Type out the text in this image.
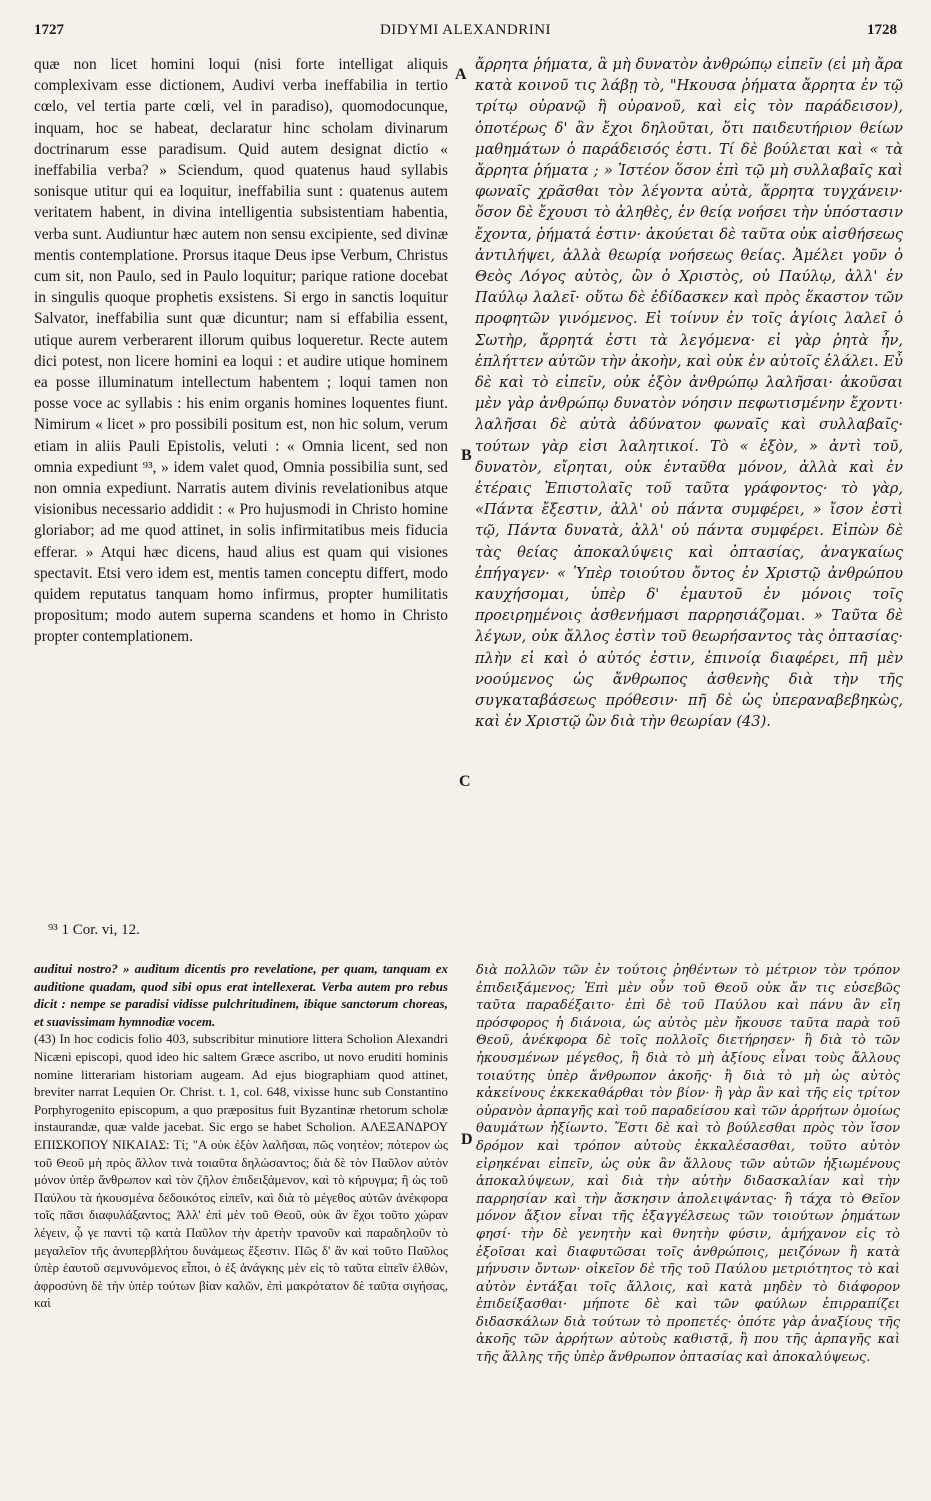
1727	DIDYMI ALEXANDRINI	1728

quæ non licet homini loqui (nisi forte intelligat aliquis complexivam esse dictionem, Audivi verba ineffabilia in tertio cœlo, vel tertia parte cœli, vel in paradiso), quomodocunque, inquam, hoc se habeat, declaratur hinc scholam divinarum doctrinarum esse paradisum. Quid autem designat dictio « ineffabilia verba? » Sciendum, quod quatenus haud syllabis sonisque utitur qui ea loquitur, ineffabilia sunt : quatenus autem veritatem habent, in divina intelligentia subsistentiam habentia, verba sunt. Audiuntur hæc autem non sensu excipiente, sed divinæ mentis contemplatione. Prorsus itaque Deus ipse Verbum, Christus cum sit, non Paulo, sed in Paulo loquitur; parique ratione docebat in singulis quoque prophetis exsistens. Si ergo in sanctis loquitur Salvator, ineffabilia sunt quæ dicuntur; nam si effabilia essent, utique aurem verberarent illorum quibus loqueretur. Recte autem dici potest, non licere homini ea loqui : et audire utique hominem ea posse illuminatum intellectum habentem ; loqui tamen non posse voce ac syllabis : his enim organis homines loquentes fiunt. Nimirum « licet » pro possibili positum est, non hic solum, verum etiam in aliis Pauli Epistolis, veluti : « Omnia licent, sed non omnia expediunt ⁹³, » idem valet quod, Omnia possibilia sunt, sed non omnia expediunt. Narratis autem divinis revelationibus atque visionibus necessario addidit : « Pro hujusmodi in Christo homine gloriabor; ad me quod attinet, in solis infirmitatibus meis fiducia efferar. » Atqui hæc dicens, haud alius est quam qui visiones spectavit. Etsi vero idem est, mentis tamen conceptu differt, modo quidem reputatus tanquam homo infirmus, propter humilitatis propositum; modo autem superna scandens et homo in Christo propter contemplationem.

A
B
C
D

ἄρρητα ῥήματα, ἃ μὴ δυνατὸν ἀνθρώπῳ εἰπεῖν (εἰ μὴ ἄρα κατὰ κοινοῦ τις λάβῃ τὸ, "Ηκουσα ῥήματα ἄρρητα ἐν τῷ τρίτῳ οὐρανῷ ἢ οὐρανοῦ, καὶ εἰς τὸν παράδεισον), ὁποτέρως δ' ἂν ἔχοι δηλοῦται, ὅτι παιδευτήριον θείων μαθημάτων ὁ παράδεισός ἐστι. Τί δὲ βούλεται καὶ « τὰ ἄρρητα ῥήματα ; » Ἰστέον ὅσον ἐπὶ τῷ μὴ συλλαβαῖς καὶ φωναῖς χρᾶσθαι τὸν λέγοντα αὐτὰ, ἄρρητα τυγχάνειν· ὅσον δὲ ἔχουσι τὸ ἀληθὲς, ἐν θείᾳ νοήσει τὴν ὑπόστασιν ἔχοντα, ῥήματά ἐστιν· ἀκούεται δὲ ταῦτα οὐκ αἰσθήσεως ἀντιλήψει, ἀλλὰ θεωρίᾳ νοήσεως θείας. Ἀμέλει γοῦν ὁ Θεὸς Λόγος αὐτὸς, ὢν ὁ Χριστὸς, οὐ Παύλῳ, ἀλλ' ἐν Παύλῳ λαλεῖ· οὕτω δὲ ἐδίδασκεν καὶ πρὸς ἕκαστον τῶν προφητῶν γινόμενος. Εἰ τοίνυν ἐν τοῖς ἁγίοις λαλεῖ ὁ Σωτὴρ, ἄρρητά ἐστι τὰ λεγόμενα· εἰ γὰρ ῥητὰ ἦν, ἐπλήττεν αὐτῶν τὴν ἀκοὴν, καὶ οὐκ ἐν αὐτοῖς ἐλάλει. Εὖ δὲ καὶ τὸ εἰπεῖν, οὐκ ἐξὸν ἀνθρώπῳ λαλῆσαι· ἀκοῦσαι μὲν γὰρ ἀνθρώπῳ δυνατὸν νόησιν πεφωτισμένην ἔχοντι· λαλῆσαι δὲ αὐτὰ ἀδύνατον φωναῖς καὶ συλλαβαῖς· τούτων γὰρ εἰσι λαλητικοί. Τὸ « ἐξὸν, » ἀντὶ τοῦ, δυνατὸν, εἴρηται, οὐκ ἐνταῦθα μόνον, ἀλλὰ καὶ ἐν ἑτέραις Ἐπιστολαῖς τοῦ ταῦτα γράφοντος· τὸ γὰρ, «Πάντα ἔξεστιν, ἀλλ' οὐ πάντα συμφέρει, » ἴσον ἐστὶ τῷ, Πάντα δυνατὰ, ἀλλ' οὐ πάντα συμφέρει. Εἰπὼν δὲ τὰς θείας ἀποκαλύψεις καὶ ὀπτασίας, ἀναγκαίως ἐπήγαγεν· « Ὑπὲρ τοιούτου ὄντος ἐν Χριστῷ ἀνθρώπου καυχήσομαι, ὑπὲρ δ' ἐμαυτοῦ ἐν μόνοις τοῖς προειρημένοις ἀσθενήμασι παρρησιάζομαι. » Ταῦτα δὲ λέγων, οὐκ ἄλλος ἐστὶν τοῦ θεωρήσαντος τὰς ὀπτασίας· πλὴν εἰ καὶ ὁ αὐτός ἐστιν, ἐπινοίᾳ διαφέρει, πῆ μὲν νοούμενος ὡς ἄνθρωπος ἀσθενὴς διὰ τὴν τῆς συγκαταβάσεως πρόθεσιν· πῆ δὲ ὡς ὑπεραναβεβηκὼς, καὶ ἐν Χριστῷ ὢν διὰ τὴν θεωρίαν (43).

⁹³ 1 Cor. vi, 12.

auditui nostro? » auditum dicentis pro revelatione, per quam, tanquam ex auditione quadam, quod sibi opus erat intellexerat. Verba autem pro rebus dicit : nempe se paradisi vidisse pulchritudinem, ibique sanctorum choreas, et suavissimam hymnodiæ vocem.

(43) In hoc codicis folio 403, subscribitur minutiore littera Scholion Alexandri Nicæni episcopi, quod ideo hic saltem Græce ascribo, ut novo eruditi hominis nomine litterariam historiam augeam. Ad ejus biographiam quod attinet, breviter narrat Lequien Or. Christ. t. 1, col. 648, vixisse hunc sub Constantino Porphyrogenito episcopum, a quo præpositus fuit Byzantinæ rhetorum scholæ instaurandæ, quæ valde jacebat. Sic ergo se habet Scholion. ΑΛΕΞΑΝΔΡΟΥ ΕΠΙΣΚΟΠΟΥ ΝΙΚΑΙΑΣ: Τί; "Α οὐκ ἐξὸν λαλῆσαι, πῶς νοητέον; πότερον ὡς τοῦ Θεοῦ μὴ πρὸς ἄλλον τινὰ τοιαῦτα δηλώσαντος; διὰ δὲ τὸν Παῦλον αὐτὸν μόνον ὑπὲρ ἄνθρωπον καὶ τὸν ζῆλον ἐπιδειξάμενον, καὶ τὸ κήρυγμα; ἢ ὡς τοῦ Παύλου τὰ ἠκουσμένα δεδοικότος εἰπεῖν, καὶ διὰ τὸ μέγεθος αὐτῶν ἀνέκφορα τοῖς πᾶσι διαφυλάξαντος; Ἀλλ' ἐπὶ μὲν τοῦ Θεοῦ, οὐκ ἂν ἔχοι τοῦτο χώραν λέγειν, ᾧ γε παντὶ τῷ κατὰ Παῦλον τὴν ἀρετὴν τρανοῦν καὶ παραδηλοῦν τὸ μεγαλεῖον τῆς ἀνυπερβλήτου δυνάμεως ἔξεστιν. Πῶς δ' ἂν καὶ τοῦτο Παῦλος ὑπὲρ ἑαυτοῦ σεμνυνόμενος εἶποι, ὁ ἐξ ἀνάγκης μὲν εἰς τὸ ταῦτα εἰπεῖν ἐλθὼν, ἀφροσύνη δὲ τὴν ὑπὲρ τούτων βίαν καλῶν, ἐπὶ μακρότατον δὲ ταῦτα σιγήσας, καὶ

διὰ πολλῶν τῶν ἐν τούτοις ῥηθέντων τὸ μέτριον τὸν τρόπον ἐπιδειξάμενος; Ἐπὶ μὲν οὖν τοῦ Θεοῦ οὐκ ἄν τις εὐσεβῶς ταῦτα παραδέξαιτο· ἐπὶ δὲ τοῦ Παύλου καὶ πάνυ ἂν εἴη πρόσφορος ἡ διάνοια, ὡς αὐτὸς μὲν ἤκουσε ταῦτα παρὰ τοῦ Θεοῦ, ἀνέκφορα δὲ τοῖς πολλοῖς διετήρησεν· ἢ διὰ τὸ τῶν ἠκουσμένων μέγεθος, ἢ διὰ τὸ μὴ ἀξίους εἶναι τοὺς ἄλλους τοιαύτης ὑπὲρ ἄνθρωπον ἀκοῆς· ἢ διὰ τὸ μὴ ὡς αὐτὸς κἀκείνους ἐκκεκαθάρθαι τὸν βίον· ἢ γὰρ ἂν καὶ τῆς εἰς τρίτον οὐρανὸν ἁρπαγῆς καὶ τοῦ παραδείσου καὶ τῶν ἀρρήτων ὁμοίως θαυμάτων ἠξίωντο. Ἔστι δὲ καὶ τὸ βούλεσθαι πρὸς τὸν ἴσον δρόμον καὶ τρόπον αὐτοὺς ἐκκαλέσασθαι, τοῦτο αὐτὸν εἰρηκέναι εἰπεῖν, ὡς οὐκ ἂν ἄλλους τῶν αὐτῶν ἠξιωμένους ἀποκαλύψεων, καὶ διὰ τὴν αὐτὴν διδασκαλίαν καὶ τὴν παρρησίαν καὶ τὴν ἄσκησιν ἀπολειψάντας· ἢ τάχα τὸ Θεῖον μόνον ἄξιον εἶναι τῆς ἐξαγγέλσεως τῶν τοιούτων ῥημάτων φησί· τὴν δὲ γενητὴν καὶ θνητὴν φύσιν, ἀμήχανον εἰς τὸ ἐξοῖσαι καὶ διαφυτῶσαι τοῖς ἀνθρώποις, μειζόνων ἢ κατὰ μήνυσιν ὄντων· οἰκεῖον δὲ τῆς τοῦ Παύλου μετριότητος τὸ καὶ αὐτὸν ἐντάξαι τοῖς ἄλλοις, καὶ κατὰ μηδὲν τὸ διάφορον ἐπιδείξασθαι· μήποτε δὲ καὶ τῶν φαύλων ἐπιρραπίζει διδασκάλων διὰ τούτων τὸ προπετές· ὁπότε γὰρ ἀναξίους τῆς ἀκοῆς τῶν ἀρρήτων αὐτοὺς καθιστᾷ, ἢ που τῆς ἁρπαγῆς καὶ τῆς ἄλλης τῆς ὑπὲρ ἄνθρωπον ὀπτασίας καὶ ἀποκαλύψεως.
